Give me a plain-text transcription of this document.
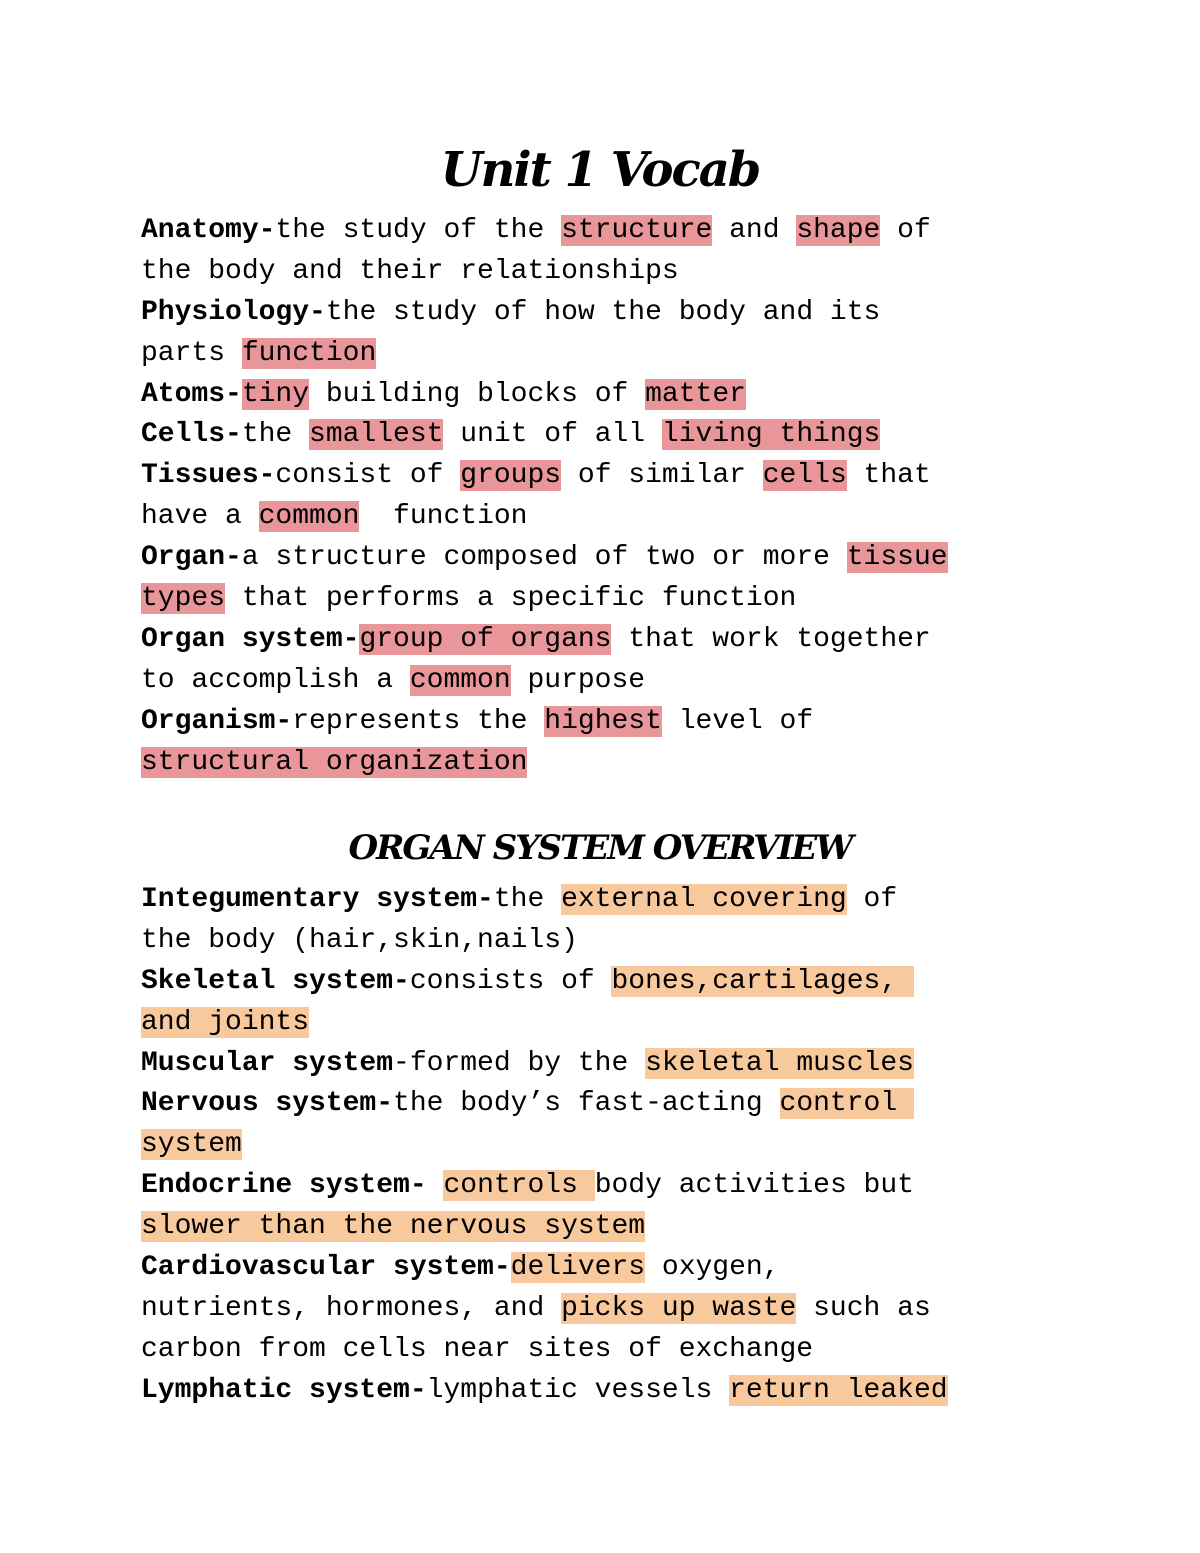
Unit 1 Vocab
Anatomy-the study of the structure and shape of
the body and their relationships
Physiology-the study of how the body and its
parts function
Atoms-tiny building blocks of matter
Cells-the smallest unit of all living things
Tissues-consist of groups of similar cells that
have a common  function
Organ-a structure composed of two or more tissue
types that performs a specific function
Organ system-group of organs that work together
to accomplish a common purpose
Organism-represents the highest level of
structural organization
ORGAN SYSTEM OVERVIEW
Integumentary system-the external covering of
the body (hair,skin,nails)
Skeletal system-consists of bones,cartilages,
and joints
Muscular system-formed by the skeletal muscles
Nervous system-the body’s fast-acting control
system
Endocrine system- controls body activities but
slower than the nervous system
Cardiovascular system-delivers oxygen,
nutrients, hormones, and picks up waste such as
carbon from cells near sites of exchange
Lymphatic system-lymphatic vessels return leaked
